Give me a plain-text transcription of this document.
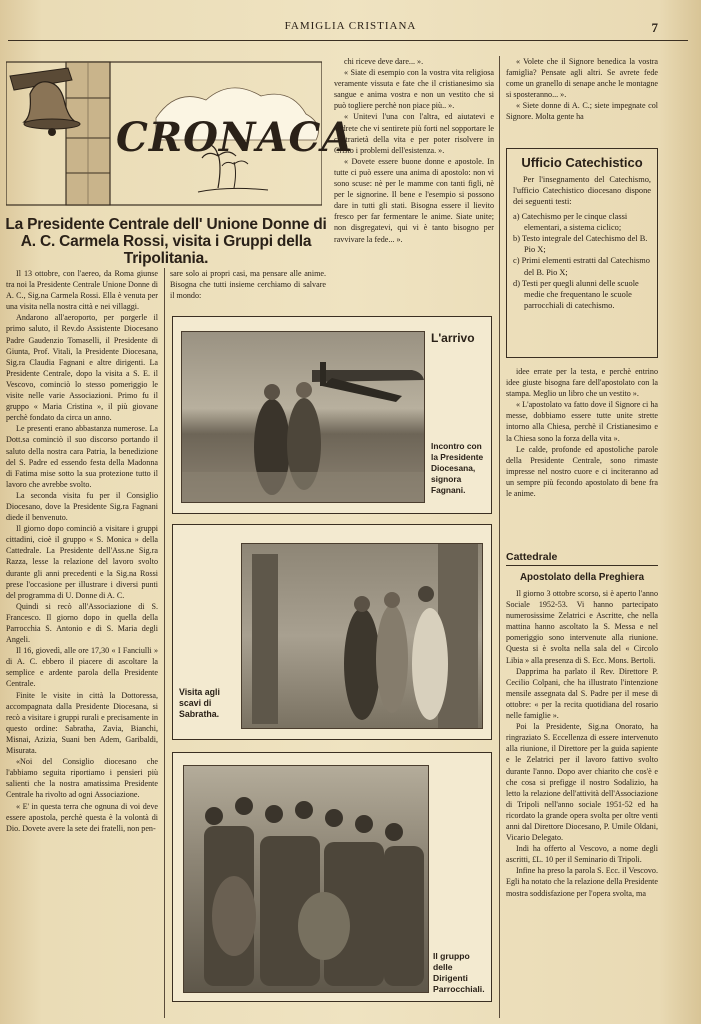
FAMIGLIA CRISTIANA	7
CRONACA
La Presidente Centrale dell' Unione Donne di A. C. Carmela Rossi, visita i Gruppi della Tripolitania.

Il 13 ottobre, con l'aereo, da Roma giunse tra noi la Presidente Centrale Unione Donne di A. C., Sig.na Carmela Rossi. Ella è venuta per una visita nella nostra città e nei villaggi.

Andarono all'aeroporto, per porgerle il primo saluto, il Rev.do Assistente Diocesano Padre Gaudenzio Tomaselli, il Presidente di Giunta, Prof. Vitali, la Presidente Diocesana, Sig.ra Claudia Fagnani e altre dirigenti. La Presidente Centrale, dopo la visita a S. E. il Vescovo, cominciò lo stesso pomeriggio le visite nelle varie Associazioni. Primo fu il gruppo « Maria Cristina », il più giovane perchè fondato da circa un anno.

Le presenti erano abbastanza numerose. La Dott.sa cominciò il suo discorso portando il saluto della nostra cara Patria, la benedizione del S. Padre ed essendo festa della Madonna di Fatima mise sotto la sua protezione tutto il lavoro che avrebbe svolto.

La seconda visita fu per il Consiglio Diocesano, dove la Presidente Sig.ra Fagnani diede il benvenuto.

Il giorno dopo cominciò a visitare i gruppi cittadini, cioè il gruppo « S. Monica » della Cattedrale. La Presidente dell'Ass.ne Sig.ra Razza, lesse la relazione del lavoro svolto durante gli anni precedenti e la Sig.na Rossi prese l'occasione per illustrare i diversi punti del programma di U. Donne di A. C.

Quindi si recò all'Associazione di S. Francesco. Il giorno dopo in quella della Parrocchia S. Antonio e di S. Maria degli Angeli.

Il 16, giovedì, alle ore 17,30 « I Fanciulli » di A. C. ebbero il piacere di ascoltare la semplice e ardente parola della Presidente Centrale.

Finite le visite in città la Dottoressa, accompagnata dalla Presidente Diocesana, si recò a visitare i gruppi rurali e precisamente in questo ordine: Sabratha, Zavia, Bianchi, Misnai, Azizia, Suani ben Adem, Garibaldi, Misurata.

«Noi del Consiglio diocesano che l'abbiamo seguita riportiamo i pensieri più salienti che la nostra amatissima Presidente Centrale ha rivolto ad ogni Associazione.

« E' in questa terra che ognuna di voi deve essere apostola, perchè questa è la volontà di Dio. Dovete avere la sete dei fratelli, non pen-

sare solo ai propri casi, ma pensare alle anime. Bisogna che tutti insieme cerchiamo di salvare il mondo:

chi riceve deve dare... ».

« Siate di esempio con la vostra vita religiosa veramente vissuta e fate che il cristianesimo sia sangue e anima vostra e non un vestito che si può togliere perchè non piace più.. ».

« Unitevi l'una con l'altra, ed aiutatevi e vedrete che vi sentirete più forti nel sopportare le contrarietà della vita e per poter risolvere in Cristo i problemi dell'esistenza. ».

« Dovete essere buone donne e apostole. In tutte ci può essere una anima di apostolo: non vi sono scuse: nè per le mamme con tanti figli, nè per le signorine. Il bene e l'esempio si possono dare in tutti gli stati. Bisogna essere il lievito fresco per far fermentare le anime. Siate unite; non disgregatevi, qui vi è tanto bisogno per ravvivare la fede... ».

L'arrivo
Incontro con la Presidente Diocesana, signora Fagnani.
Visita agli scavi di Sabratha.
Il gruppo delle Dirigenti Parrocchiali.

« Volete che il Signore benedica la vostra famiglia? Pensate agli altri. Se avrete fede come un granello di senape anche le montagne si sposteranno... ».

« Siete donne di A. C.; siete impegnate col Signore. Molta gente ha

Ufficio Catechistico
Per l'insegnamento del Catechismo, l'ufficio Catechistico diocesano dispone dei seguenti testi:
a) Catechismo per le cinque classi elementari, a sistema ciclico;
b) Testo integrale del Catechismo del B. Pio X;
c) Primi elementi estratti dal Catechismo del B. Pio X;
d) Testi per quegli alunni delle scuole medie che frequentano le scuole parrocchiali di catechismo.

idee errate per la testa, e perchè entrino idee giuste bisogna fare dell'apostolato con la stampa. Meglio un libro che un vestito ».

« L'apostolato va fatto dove il Signore ci ha messe, dobbiamo essere tutte unite strette intorno alla Chiesa, perchè il Cristianesimo e la Chiesa sono la forza della vita ».

Le calde, profonde ed apostoliche parole della Presidente Centrale, sono rimaste impresse nel nostro cuore e ci inciteranno ad un sempre più fecondo apostolato di bene fra le anime.

Cattedrale
Apostolato della Preghiera

Il giorno 3 ottobre scorso, si è aperto l'anno Sociale 1952-53. Vi hanno partecipato numerosissime Zelatrici e Ascritte, che nella mattina hanno ascoltato la S. Messa e nel pomeriggio sono intervenute alla riunione. Questa si è svolta nella sala del « Circolo Libia » alla presenza di S. Ecc. Mons. Bertoli.

Dapprima ha parlato il Rev. Direttore P. Cecilio Colpani, che ha illustrato l'intenzione mensile assegnata dal S. Padre per il mese di ottobre: « per la recita quotidiana del rosario nelle famiglie ».

Poi la Presidente, Sig.na Onorato, ha ringraziato S. Eccellenza di essere intervenuto alla riunione, il Direttore per la guida sapiente e le Zelatrici per il lavoro fattivo svolto durante l'anno. Dopo aver chiarito che cos'è e che cosa si prefigge il nostro Sodalizio, ha letto la relazione dell'attività dell'Associazione di Tripoli nell'anno sociale 1951-52 ed ha ricordato la grande opera svolta per oltre venti anni dal Direttore Diocesano, P. Umile Oldani, Vicario Delegato.

Indi ha offerto al Vescovo, a nome degli ascritti, £L. 10 per il Seminario di Tripoli.

Infine ha preso la parola S. Ecc. il Vescovo. Egli ha notato che la relazione della Presidente mostra soddisfazione per l'opera svolta, ma
